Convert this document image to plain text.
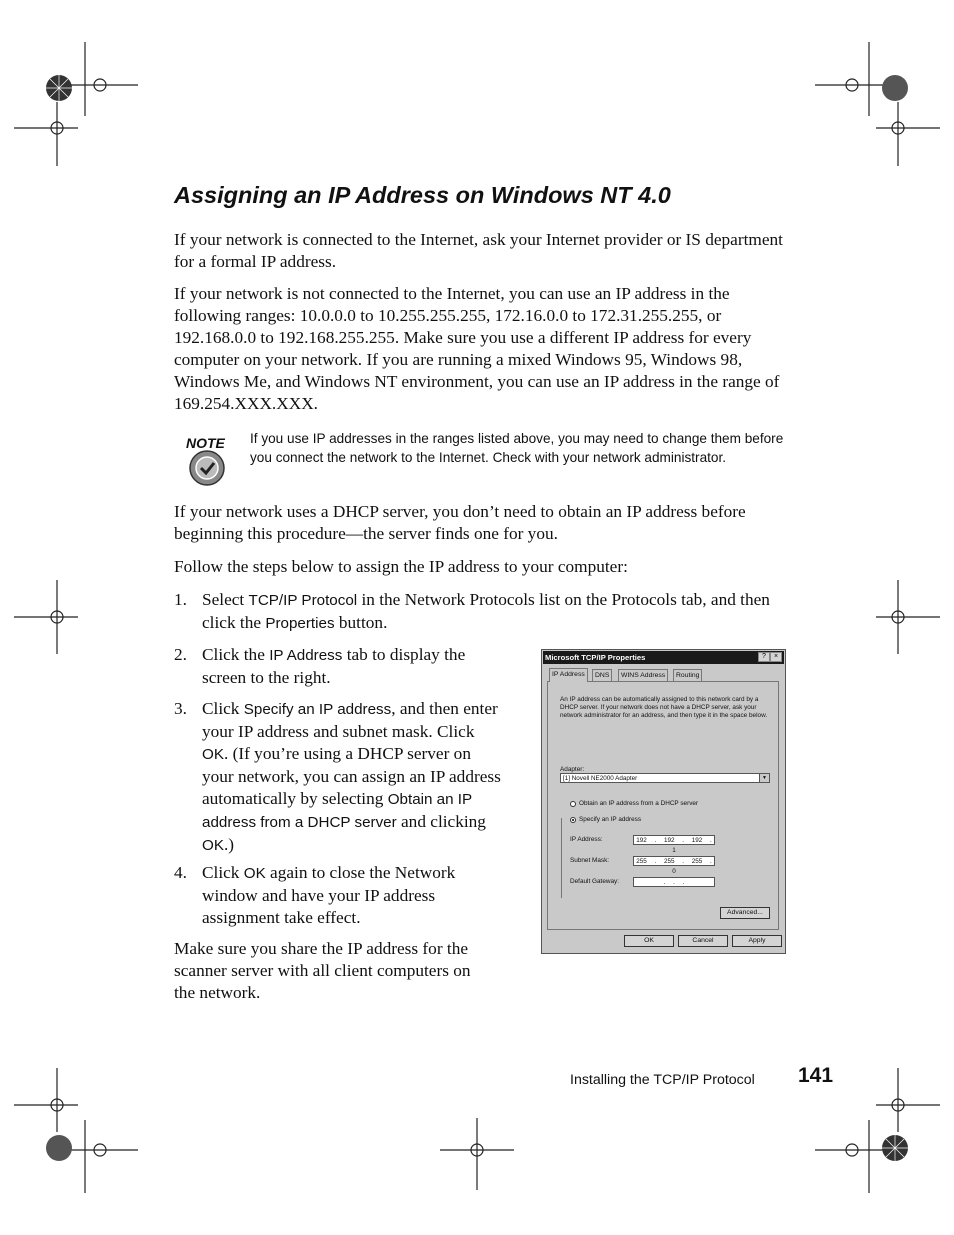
Assigning an IP Address on Windows NT 4.0

If your network is connected to the Internet, ask your Internet provider or IS department for a formal IP address.

If your network is not connected to the Internet, you can use an IP address in the following ranges: 10.0.0.0 to 10.255.255.255, 172.16.0.0 to 172.31.255.255, or 192.168.0.0 to 192.168.255.255. Make sure you use a different IP address for every computer on your network. If you are running a mixed Windows 95, Windows 98, Windows Me, and Windows NT environment, you can use an IP address in the range of 169.254.XXX.XXX.

NOTE If you use IP addresses in the ranges listed above, you may need to change them before you connect the network to the Internet. Check with your network administrator.

If your network uses a DHCP server, you don’t need to obtain an IP address before beginning this procedure—the server finds one for you.

Follow the steps below to assign the IP address to your computer:

1. Select TCP/IP Protocol in the Network Protocols list on the Protocols tab, and then click the Properties button.
2. Click the IP Address tab to display the screen to the right.
3. Click Specify an IP address, and then enter your IP address and subnet mask. Click OK. (If you’re using a DHCP server on your network, you can assign an IP address automatically by selecting Obtain an IP address from a DHCP server and clicking OK.)
4. Click OK again to close the Network window and have your IP address assignment take effect.

Make sure you share the IP address for the scanner server with all client computers on the network.

Microsoft TCP/IP Properties	?	×
IP Address	DNS	WINS Address	Routing
An IP address can be automatically assigned to this network card by a DHCP server. If your network does not have a DHCP server, ask your network administrator for an address, and then type it in the space below.
Adapter:
[1] Novell NE2000 Adapter	▼
Obtain an IP address from a DHCP server
Specify an IP address
IP Address:	192 . 192 . 192 . 1
Subnet Mask:	255 . 255 . 255 . 0
Default Gateway:	. . .
Advanced...
OK	Cancel	Apply
Installing the TCP/IP Protocol 141
